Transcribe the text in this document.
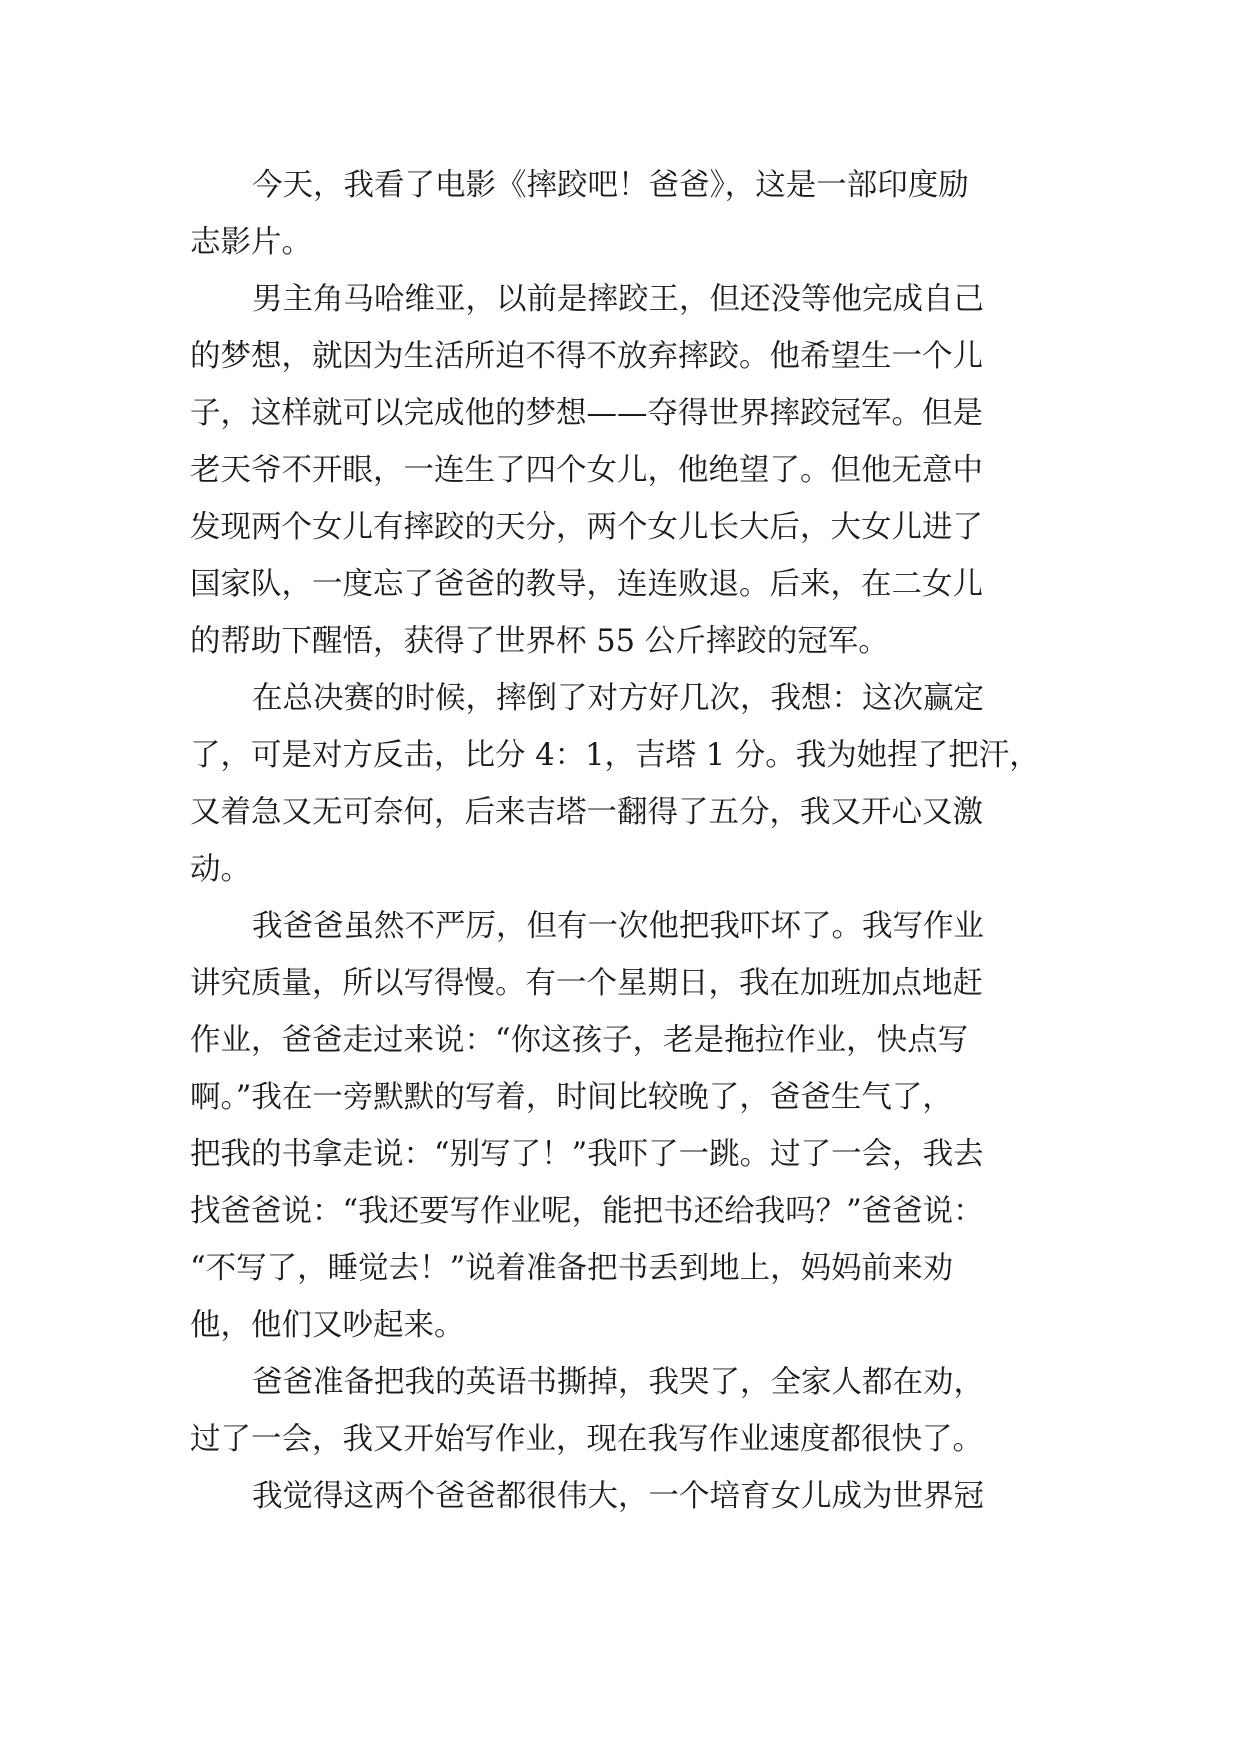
今天，我看了电影《摔跤吧！爸爸》，这是一部印度励
志影片。
男主角马哈维亚，以前是摔跤王，但还没等他完成自己
的梦想，就因为生活所迫不得不放弃摔跤。他希望生一个儿
子，这样就可以完成他的梦想——夺得世界摔跤冠军。但是
老天爷不开眼，一连生了四个女儿，他绝望了。但他无意中
发现两个女儿有摔跤的天分，两个女儿长大后，大女儿进了
国家队，一度忘了爸爸的教导，连连败退。后来，在二女儿
的帮助下醒悟，获得了世界杯 55 公斤摔跤的冠军。
在总决赛的时候，摔倒了对方好几次，我想：这次赢定
了，可是对方反击，比分 4：1，吉塔 1 分。我为她捏了把汗，
又着急又无可奈何，后来吉塔一翻得了五分，我又开心又激
动。
我爸爸虽然不严厉，但有一次他把我吓坏了。我写作业
讲究质量，所以写得慢。有一个星期日，我在加班加点地赶
作业，爸爸走过来说：“你这孩子，老是拖拉作业，快点写
啊。”我在一旁默默的写着，时间比较晚了，爸爸生气了，
把我的书拿走说：“别写了！”我吓了一跳。过了一会，我去
找爸爸说：“我还要写作业呢，能把书还给我吗？”爸爸说：
“不写了，睡觉去！”说着准备把书丢到地上，妈妈前来劝
他，他们又吵起来。
爸爸准备把我的英语书撕掉，我哭了，全家人都在劝，
过了一会，我又开始写作业，现在我写作业速度都很快了。
我觉得这两个爸爸都很伟大，一个培育女儿成为世界冠
